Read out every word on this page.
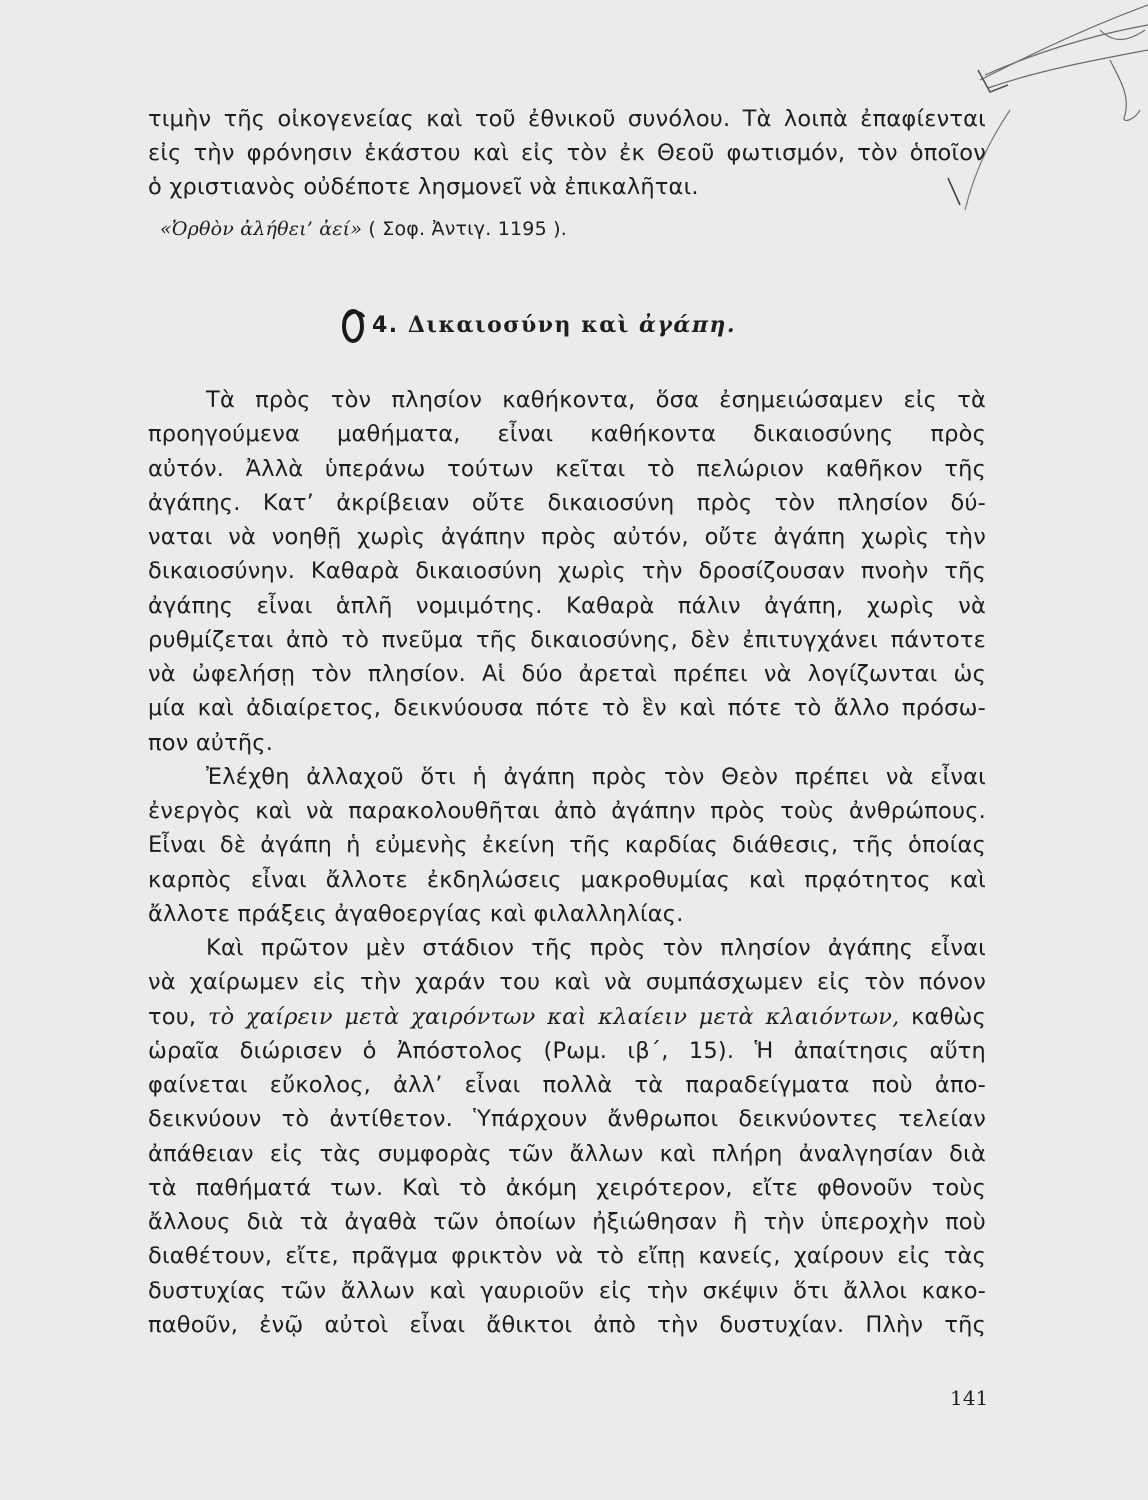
τιμὴν τῆς οἰκογενείας καὶ τοῦ ἐθνικοῦ συνόλου. Τὰ λοιπὰ ἐπαφίενται
εἰς τὴν φρόνησιν ἑκάστου καὶ εἰς τὸν ἐκ Θεοῦ φωτισμόν, τὸν ὁποῖον
ὁ χριστιανὸς οὐδέποτε λησμονεῖ νὰ ἐπικαλῆται.
«Ὀρθὸν ἀλήθει’ ἀεί» ( Σοφ. Ἀντιγ. 1195 ).
4. Δικαιοσύνη καὶ ἀγάπη.
Τὰ πρὸς τὸν πλησίον καθήκοντα, ὅσα ἐσημειώσαμεν εἰς τὰ
προηγούμενα μαθήματα, εἶναι καθήκοντα δικαιοσύνης πρὸς
αὐτόν. Ἀλλὰ ὑπεράνω τούτων κεῖται τὸ πελώριον καθῆκον τῆς
ἀγάπης. Κατ’ ἀκρίβειαν οὔτε δικαιοσύνη πρὸς τὸν πλησίον δύ-
ναται νὰ νοηθῇ χωρὶς ἀγάπην πρὸς αὐτόν, οὔτε ἀγάπη χωρὶς τὴν
δικαιοσύνην. Καθαρὰ δικαιοσύνη χωρὶς τὴν δροσίζουσαν πνοὴν τῆς
ἀγάπης εἶναι ἁπλῆ νομιμότης. Καθαρὰ πάλιν ἀγάπη, χωρὶς νὰ
ρυθμίζεται ἀπὸ τὸ πνεῦμα τῆς δικαιοσύνης, δὲν ἐπιτυγχάνει πάντοτε
νὰ ὠφελήσῃ τὸν πλησίον. Αἱ δύο ἀρεταὶ πρέπει νὰ λογίζωνται ὡς
μία καὶ ἀδιαίρετος, δεικνύουσα πότε τὸ ἓν καὶ πότε τὸ ἄλλο πρόσω-
πον αὐτῆς.
Ἐλέχθη ἀλλαχοῦ ὅτι ἡ ἀγάπη πρὸς τὸν Θεὸν πρέπει νὰ εἶναι
ἐνεργὸς καὶ νὰ παρακολουθῆται ἀπὸ ἀγάπην πρὸς τοὺς ἀνθρώπους.
Εἶναι δὲ ἀγάπη ἡ εὐμενὴς ἐκείνη τῆς καρδίας διάθεσις, τῆς ὁποίας
καρπὸς εἶναι ἄλλοτε ἐκδηλώσεις μακροθυμίας καὶ πρᾳότητος καὶ
ἄλλοτε πράξεις ἀγαθοεργίας καὶ φιλαλληλίας.
Καὶ πρῶτον μὲν στάδιον τῆς πρὸς τὸν πλησίον ἀγάπης εἶναι
νὰ χαίρωμεν εἰς τὴν χαράν του καὶ νὰ συμπάσχωμεν εἰς τὸν πόνον
του, τὸ χαίρειν μετὰ χαιρόντων καὶ κλαίειν μετὰ κλαιόντων, καθὼς
ὡραῖα διώρισεν ὁ Ἀπόστολος (Ρωμ. ιβ΄, 15). Ἡ ἀπαίτησις αὕτη
φαίνεται εὔκολος, ἀλλ’ εἶναι πολλὰ τὰ παραδείγματα ποὺ ἀπο-
δεικνύουν τὸ ἀντίθετον. Ὑπάρχουν ἄνθρωποι δεικνύοντες τελείαν
ἀπάθειαν εἰς τὰς συμφορὰς τῶν ἄλλων καὶ πλήρη ἀναλγησίαν διὰ
τὰ παθήματά των. Καὶ τὸ ἀκόμη χειρότερον, εἴτε φθονοῦν τοὺς
ἄλλους διὰ τὰ ἀγαθὰ τῶν ὁποίων ἠξιώθησαν ἢ τὴν ὑπεροχὴν ποὺ
διαθέτουν, εἴτε, πρᾶγμα φρικτὸν νὰ τὸ εἴπῃ κανείς, χαίρουν εἰς τὰς
δυστυχίας τῶν ἄλλων καὶ γαυριοῦν εἰς τὴν σκέψιν ὅτι ἄλλοι κακο-
παθοῦν, ἐνῷ αὐτοὶ εἶναι ἄθικτοι ἀπὸ τὴν δυστυχίαν. Πλὴν τῆς
141
